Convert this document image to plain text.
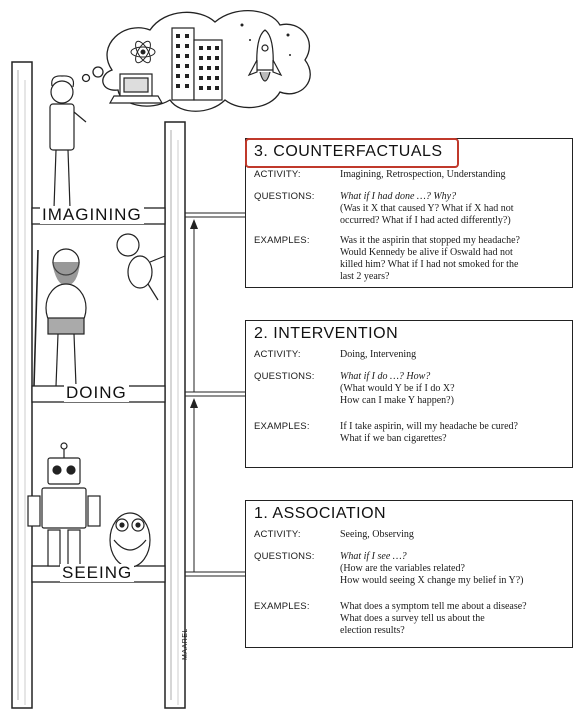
IMAGINING
DOING
SEEING
MAAREL
3. COUNTERFACTUALS
ACTIVITY:	Imagining, Retrospection, Understanding
QUESTIONS:	What if I had done …? Why?
(Was it X that caused Y? What if X had not
occurred? What if I had acted differently?)
EXAMPLES:	Was it the aspirin that stopped my headache?
Would Kennedy be alive if Oswald had not
killed him? What if I had not smoked for the
last 2 years?
2. INTERVENTION
ACTIVITY:	Doing, Intervening
QUESTIONS:	What if I do …? How?
(What would Y be if I do X?
How can I make Y happen?)
EXAMPLES:	If I take aspirin, will my headache be cured?
What if we ban cigarettes?
1. ASSOCIATION
ACTIVITY:	Seeing, Observing
QUESTIONS:	What if I see …?
(How are the variables related?
How would seeing X change my belief in Y?)
EXAMPLES:	What does a symptom tell me about a disease?
What does a survey tell us about the
election results?
